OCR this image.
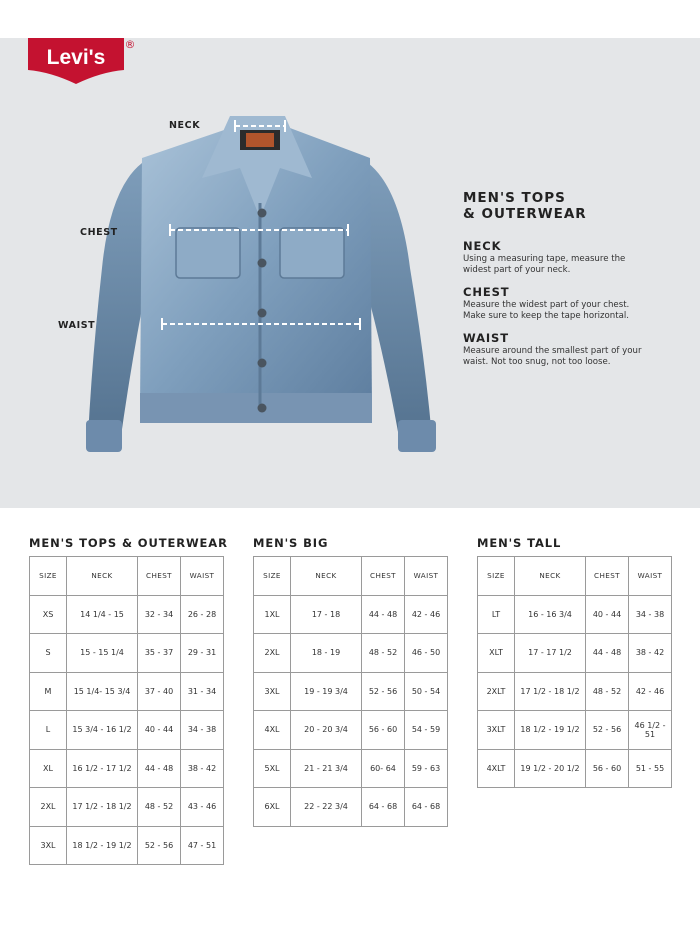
Levi's
®
NECK
CHEST
WAIST
MEN'S TOPS
& OUTERWEAR
NECK

Using a measuring tape, measure the
widest part of your neck.

CHEST

Measure the widest part of your chest.
Make sure to keep the tape horizontal.

WAIST

Measure around the smallest part of your
waist. Not too snug, not too loose.

MEN'S TOPS & OUTERWEAR MEN'S BIG	MEN'S TALL
SIZE	NECK	CHEST	WAIST
XS	14 1/4 - 15	32 - 34	26 - 28
S	15 - 15 1/4	35 - 37	29 - 31
M	15 1/4- 15 3/4	37 - 40	31 - 34
L	15 3/4 - 16 1/2	40 - 44	34 - 38
XL	16 1/2 - 17 1/2	44 - 48	38 - 42
2XL	17 1/2 - 18 1/2	48 - 52	43 - 46
3XL	18 1/2 - 19 1/2	52 - 56	47 - 51
SIZE	NECK	CHEST	WAIST
1XL	17 - 18	44 - 48	42 - 46
2XL	18 - 19	48 - 52	46 - 50
3XL	19 - 19 3/4	52 - 56	50 - 54
4XL	20 - 20 3/4	56 - 60	54 - 59
5XL	21 - 21 3/4	60- 64	59 - 63
6XL	22 - 22 3/4	64 - 68	64 - 68
SIZE	NECK	CHEST	WAIST
LT	16 - 16 3/4	40 - 44	34 - 38
XLT	17 - 17 1/2	44 - 48	38 - 42
2XLT	17 1/2 - 18 1/2	48 - 52	42 - 46
3XLT	18 1/2 - 19 1/2	52 - 56	46 1/2 - 51
4XLT	19 1/2 - 20 1/2	56 - 60	51 - 55
